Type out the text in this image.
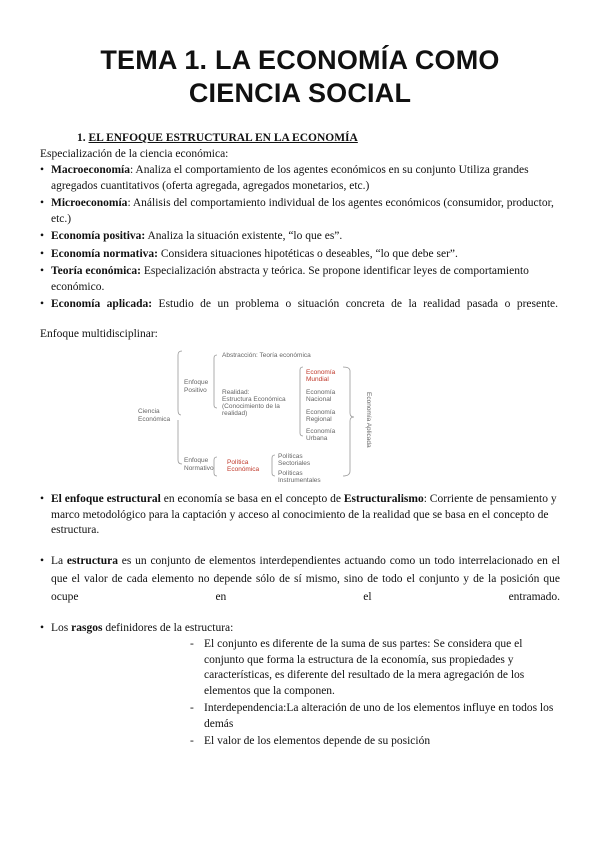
TEMA 1. LA ECONOMÍA COMO
CIENCIA SOCIAL
1. EL ENFOQUE ESTRUCTURAL EN LA ECONOMÍA
Especialización de la ciencia económica:
• Macroeconomía: Analiza el comportamiento de los agentes económicos en su conjunto Utiliza grandes agregados cuantitativos (oferta agregada, agregados monetarios, etc.)
• Microeconomía: Análisis del comportamiento individual de los agentes económicos (consumidor, productor, etc.)
• Economía positiva: Analiza la situación existente, “lo que es”.
• Economía normativa: Considera situaciones hipotéticas o deseables, “lo que debe ser”.
• Teoría económica: Especialización abstracta y teórica. Se propone identificar leyes de comportamiento económico.
• Economía aplicada: Estudio de un problema o situación concreta de la realidad pasada o presente.
Enfoque multidisciplinar:
Ciencia
Económica
Enfoque
Positivo
Enfoque
Normativo
Abstracción: Teoría económica
Realidad:
Estructura Económica
(Conocimiento de la
realidad)
Economía
Mundial
Economía
Nacional
Economía
Regional
Economía
Urbana
Política
Económica
Políticas
Sectoriales
Políticas
Instrumentales
Economía Aplicada
• El enfoque estructural en economía se basa en el concepto de Estructuralismo: Corriente de pensamiento y marco metodológico para la captación y acceso al conocimiento de la realidad que se basa en el concepto de estructura.
• La estructura es un conjunto de elementos interdependientes actuando como un todo interrelacionado en el que el valor de cada elemento no depende sólo de sí mismo, sino de todo el conjunto y de la posición que ocupe en el entramado.
• Los rasgos definidores de la estructura:
- El conjunto es diferente de la suma de sus partes: Se considera que el conjunto que forma la estructura de la economía, sus propiedades y características, es diferente del resultado de la mera agregación de los elementos que la componen.
- Interdependencia:La alteración de uno de los elementos influye en todos los demás
- El valor de los elementos depende de su posición
